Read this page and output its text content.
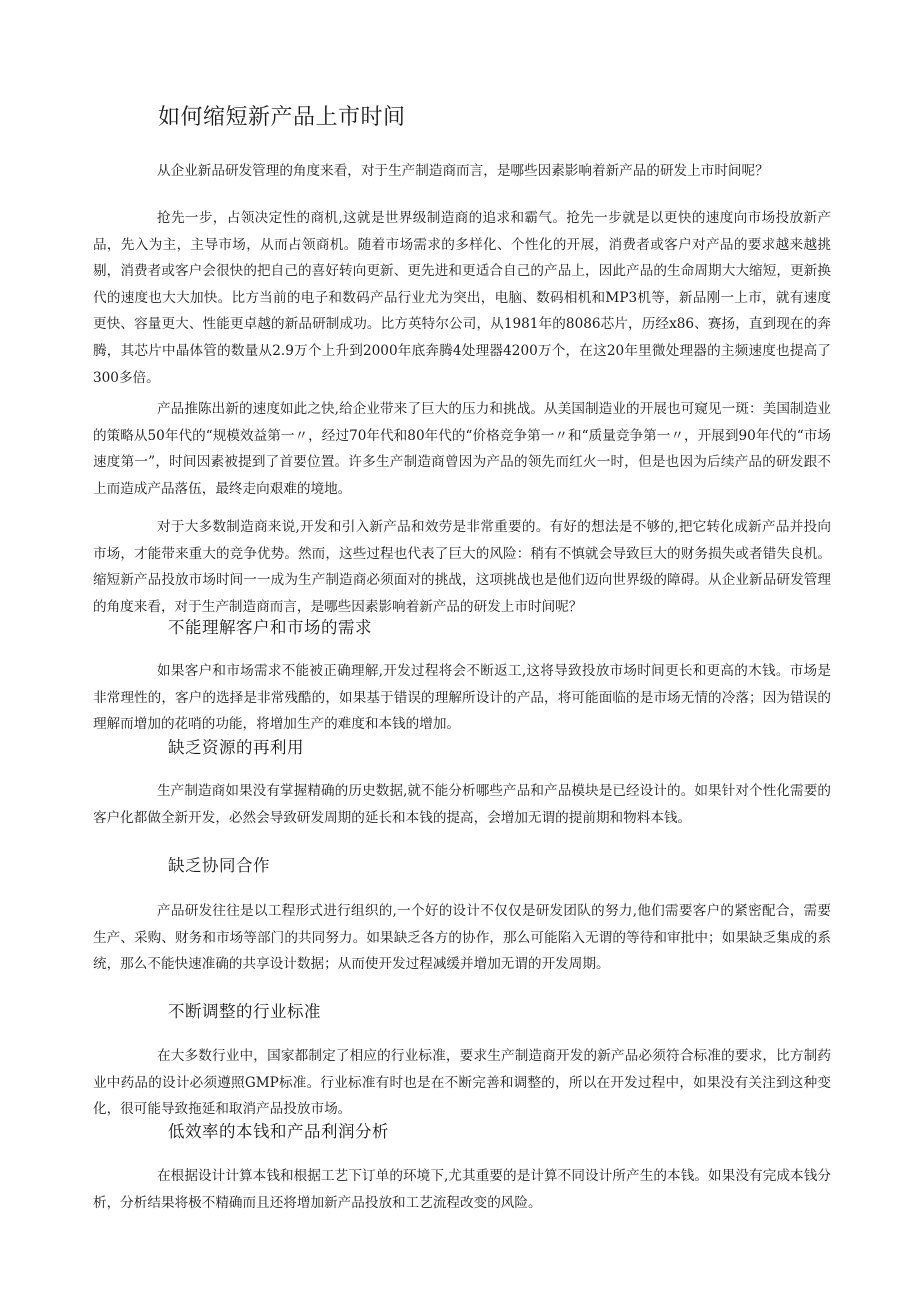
如何缩短新产品上市时间

从企业新品研发管理的角度来看，对于生产制造商而言，是哪些因素影响着新产品的研发上市时间呢？

抢先一步，占领决定性的商机,这就是世界级制造商的追求和霸气。抢先一步就是以更快的速度向市场投放新产品，先入为主，主导市场，从而占领商机。随着市场需求的多样化、个性化的开展，消费者或客户对产品的要求越来越挑剔，消费者或客户会很快的把自己的喜好转向更新、更先进和更适合自己的产品上，因此产品的生命周期大大缩短，更新换代的速度也大大加快。比方当前的电子和数码产品行业尤为突出，电脑、数码相机和MP3机等，新品刚一上市，就有速度更快、容量更大、性能更卓越的新品研制成功。比方英特尔公司，从1981年的8086芯片，历经x86、赛扬，直到现在的奔腾，其芯片中晶体管的数量从2.9万个上升到2000年底奔腾4处理器4200万个，在这20年里微处理器的主频速度也提高了300多倍。

产品推陈出新的速度如此之快,给企业带来了巨大的压力和挑战。从美国制造业的开展也可窥见一斑：美国制造业的策略从50年代的“规模效益第一〃，经过70年代和80年代的“价格竞争第一〃和“质量竞争第一〃，开展到90年代的“市场速度第一”，时间因素被提到了首要位置。许多生产制造商曾因为产品的领先而红火一时，但是也因为后续产品的研发跟不上而造成产品落伍，最终走向艰难的境地。

对于大多数制造商来说,开发和引入新产品和效劳是非常重要的。有好的想法是不够的,把它转化成新产品并投向市场，才能带来重大的竞争优势。然而，这些过程也代表了巨大的风险：稍有不慎就会导致巨大的财务损失或者错失良机。缩短新产品投放市场时间一一成为生产制造商必须面对的挑战，这项挑战也是他们迈向世界级的障碍。从企业新品研发管理的角度来看，对于生产制造商而言，是哪些因素影响着新产品的研发上市时间呢？

不能理解客户和市场的需求

如果客户和市场需求不能被正确理解,开发过程将会不断返工,这将导致投放市场时间更长和更高的木钱。市场是非常理性的，客户的选择是非常残酷的，如果基于错误的理解所设计的产品，将可能面临的是市场无情的冷落；因为错误的理解而增加的花哨的功能，将增加生产的难度和本钱的增加。

缺乏资源的再利用

生产制造商如果没有掌握精确的历史数据,就不能分析哪些产品和产品模块是已经设计的。如果针对个性化需要的客户化都做全新开发，必然会导致研发周期的延长和本钱的提高，会增加无谓的提前期和物料本钱。

缺乏协同合作

产品研发往往是以工程形式进行组织的,一个好的设计不仅仅是研发团队的努力,他们需要客户的紧密配合，需要生产、采购、财务和市场等部门的共同努力。如果缺乏各方的协作，那么可能陷入无谓的等待和审批中；如果缺乏集成的系统，那么不能快速准确的共享设计数据；从而使开发过程减缓并增加无谓的开发周期。

不断调整的行业标准

在大多数行业中，国家都制定了相应的行业标准，要求生产制造商开发的新产品必须符合标准的要求，比方制药业中药品的设计必须遵照GMP标准。行业标准有时也是在不断完善和调整的，所以在开发过程中，如果没有关注到这种变化，很可能导致拖延和取消产品投放市场。

低效率的本钱和产品利润分析

在根据设计计算本钱和根据工艺下订单的环境下,尤其重要的是计算不同设计所产生的本钱。如果没有完成本钱分析，分析结果将极不精确而且还将增加新产品投放和工艺流程改变的风险。
